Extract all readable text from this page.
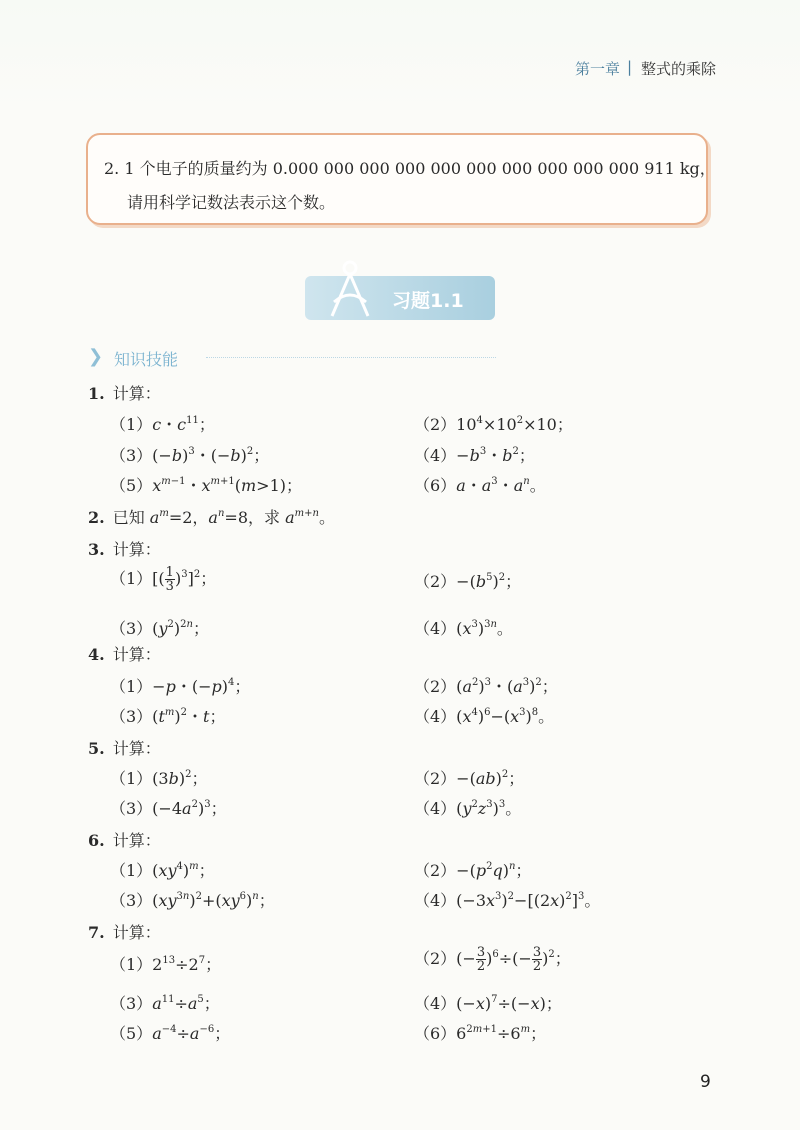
第一章 | 整式的乘除
2. 1 个电子的质量约为 0.000 000 000 000 000 000 000 000 000 000 911 kg，
请用科学记数法表示这个数。
习题1.1
❯ 知识技能
1. 计算：
（1）c・$c^{11}$；	$(2)10^4\times 10^2\times 10$；
$(3)(-b)^3$・$(-b)^2$；	$(4)-b^3$・$b^2$；
$(5)x^{m-1}$・$x^{m+1}(m>1)$；	（6）a・$a^3$・$a^n$。
2. 已知 $a^m=2$，$a^n=8$，求 $a^{m+n}$。
3. 计算：
$(1)[( \frac{1}{3} )^3]^2$；	$(2)-(b^5)^2$；
$(3)(y^2)^{2n}$；	$(4)(x^3)^{3n}$。
4. 计算：
（1）−p・$(-p)^4$；	$(2)(a^2)^3$・$(a^3)^2$；
$(3)(t^m)^2$・t；	$(4)(x^4)^6-(x^3)^8$。
5. 计算：
$(1)(3b)^2$；	（2）−(ab)$^2$；
$(3)(-4a^2)^3$；	$(4)(y^2z^3)^3$。
6. 计算：
$(1)(xy^4)^m$；	$(2)-(p^2q)^n$；
$(3)(xy^{3n})^2+(xy^6)^n$；	$(4)(-3x^3)^2-[(2x)^2]^3$。
7. 计算：
$(1)2^{13}\div 2^7$；	$(2)(- \frac{3}{2} )^6\div(- \frac{3}{2} )^2$；
$(3)a^{11}\div a^5$；	$(4)(-x)^7\div(-x)$；
$(5)a^{-4}\div a^{-6}$；	$(6)6^{2m+1}\div 6^m$；
9
